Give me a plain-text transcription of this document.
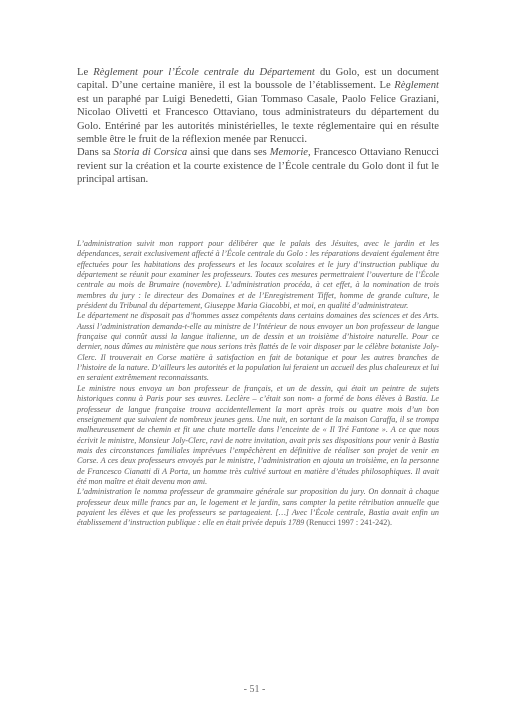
Le Règlement pour l’École centrale du Département du Golo, est un document capital. D’une certaine manière, il est la boussole de l’établissement. Le Règlement est un paraphé par Luigi Benedetti, Gian Tommaso Casale, Paolo Felice Graziani, Nicolao Olivetti et Francesco Ottaviano, tous administrateurs du département du Golo. Entériné par les autorités ministérielles, le texte réglementaire qui en résulte semble être le fruit de la réflexion menée par Renucci.

Dans sa Storia di Corsica ainsi que dans ses Memorie, Francesco Ottaviano Renucci revient sur la création et la courte existence de l’École centrale du Golo dont il fut le principal artisan.

L’administration suivit mon rapport pour délibérer que le palais des Jésuites, avec le jardin et les dépendances, serait exclusivement affecté à l’École centrale du Golo : les réparations devaient également être effectuées pour les habitations des professeurs et les locaux scolaires et le jury d’instruction publique du département se réunit pour examiner les professeurs. Toutes ces mesures permettraient l’ouverture de l’École centrale au mois de Brumaire (novembre). L’administration procéda, à cet effet, à la nomination de trois membres du jury : le directeur des Domaines et de l’Enregistrement Tiffet, homme de grande culture, le président du Tribunal du département, Giuseppe Maria Giacobbi, et moi, en qualité d’administrateur.

Le département ne disposait pas d’hommes assez compétents dans certains domaines des sciences et des Arts. Aussi l’administration demanda-t-elle au ministre de l’Intérieur de nous envoyer un bon professeur de langue française qui connût aussi la langue italienne, un de dessin et un troisième d’histoire naturelle. Pour ce dernier, nous dûmes au ministère que nous serions très flattés de le voir disposer par le célèbre botaniste Joly-Clerc. Il trouverait en Corse matière à satisfaction en fait de botanique et pour les autres branches de l’histoire de la nature. D’ailleurs les autorités et la population lui feraient un accueil des plus chaleureux et lui en seraient extrêmement reconnaissants.

Le ministre nous envoya un bon professeur de français, et un de dessin, qui était un peintre de sujets historiques connu à Paris pour ses œuvres. Leclère – c’était son nom- a formé de bons élèves à Bastia. Le professeur de langue française trouva accidentellement la mort après trois ou quatre mois d’un bon enseignement que suivaient de nombreux jeunes gens. Une nuit, en sortant de la maison Caraffa, il se trompa malheureusement de chemin et fit une chute mortelle dans l’enceinte de « Il Tré Fantone ». A ce que nous écrivit le ministre, Monsieur Joly-Clerc, ravi de notre invitation, avait pris ses dispositions pour venir à Bastia mais des circonstances familiales imprévues l’empêchèrent en définitive de réaliser son projet de venir en Corse. A ces deux professeurs envoyés par le ministre, l’administration en ajouta un troisième, en la personne de Francesco Cianatti di A Porta, un homme très cultivé surtout en matière d’études philosophiques. Il avait été mon maître et était devenu mon ami.

L’administration le nomma professeur de grammaire générale sur proposition du jury. On donnait à chaque professeur deux mille francs par an, le logement et le jardin, sans compter la petite rétribution annuelle que payaient les élèves et que les professeurs se partageaient. […] Avec l’École centrale, Bastia avait enfin un établissement d’instruction publique : elle en était privée depuis 1789 (Renucci 1997 : 241-242).

- 51 -
